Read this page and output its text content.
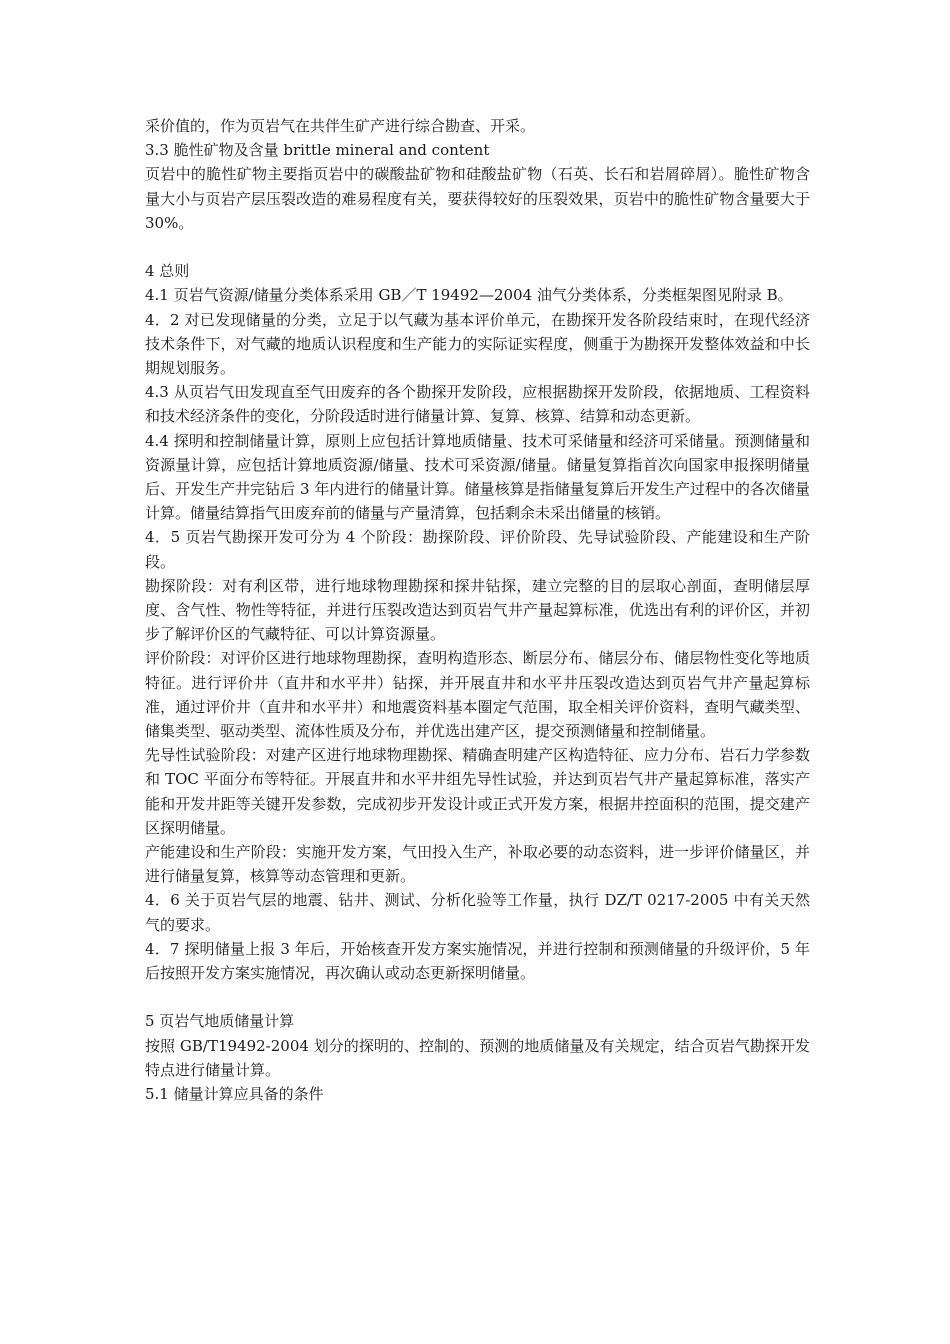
采价值的，作为页岩气在共伴生矿产进行综合勘查、开采。

3.3 脆性矿物及含量 brittle mineral and content

页岩中的脆性矿物主要指页岩中的碳酸盐矿物和硅酸盐矿物（石英、长石和岩屑碎屑）。脆性矿物含量大小与页岩产层压裂改造的难易程度有关，要获得较好的压裂效果，页岩中的脆性矿物含量要大于 30%。

4 总则

4.1 页岩气资源/储量分类体系采用 GB／T 19492—2004 油气分类体系，分类框架图见附录 B。

4．2 对已发现储量的分类，立足于以气藏为基本评价单元，在勘探开发各阶段结束时，在现代经济技术条件下，对气藏的地质认识程度和生产能力的实际证实程度，侧重于为勘探开发整体效益和中长期规划服务。

4.3 从页岩气田发现直至气田废弃的各个勘探开发阶段，应根据勘探开发阶段，依据地质、工程资料和技术经济条件的变化，分阶段适时进行储量计算、复算、核算、结算和动态更新。

4.4 探明和控制储量计算，原则上应包括计算地质储量、技术可采储量和经济可采储量。预测储量和资源量计算，应包括计算地质资源/储量、技术可采资源/储量。储量复算指首次向国家申报探明储量后、开发生产井完钻后 3 年内进行的储量计算。储量核算是指储量复算后开发生产过程中的各次储量计算。储量结算指气田废弃前的储量与产量清算，包括剩余未采出储量的核销。

4．5 页岩气勘探开发可分为 4 个阶段：勘探阶段、评价阶段、先导试验阶段、产能建设和生产阶段。

勘探阶段：对有利区带，进行地球物理勘探和探井钻探，建立完整的目的层取心剖面，查明储层厚度、含气性、物性等特征，并进行压裂改造达到页岩气井产量起算标准，优选出有利的评价区，并初步了解评价区的气藏特征、可以计算资源量。

评价阶段：对评价区进行地球物理勘探，查明构造形态、断层分布、储层分布、储层物性变化等地质特征。进行评价井（直井和水平井）钻探，并开展直井和水平井压裂改造达到页岩气井产量起算标准，通过评价井（直井和水平井）和地震资料基本圈定气范围，取全相关评价资料，查明气藏类型、储集类型、驱动类型、流体性质及分布，并优选出建产区，提交预测储量和控制储量。

先导性试验阶段：对建产区进行地球物理勘探、精确查明建产区构造特征、应力分布、岩石力学参数和 TOC 平面分布等特征。开展直井和水平井组先导性试验，并达到页岩气井产量起算标准，落实产能和开发井距等关键开发参数，完成初步开发设计或正式开发方案，根据井控面积的范围，提交建产区探明储量。

产能建设和生产阶段：实施开发方案，气田投入生产，补取必要的动态资料，进一步评价储量区，并进行储量复算，核算等动态管理和更新。

4．6 关于页岩气层的地震、钻井、测试、分析化验等工作量，执行 DZ/T 0217-2005 中有关天然气的要求。

4．7 探明储量上报 3 年后，开始核查开发方案实施情况，并进行控制和预测储量的升级评价，5 年后按照开发方案实施情况，再次确认或动态更新探明储量。

5 页岩气地质储量计算

按照 GB/T19492-2004 划分的探明的、控制的、预测的地质储量及有关规定，结合页岩气勘探开发特点进行储量计算。

5.1 储量计算应具备的条件
